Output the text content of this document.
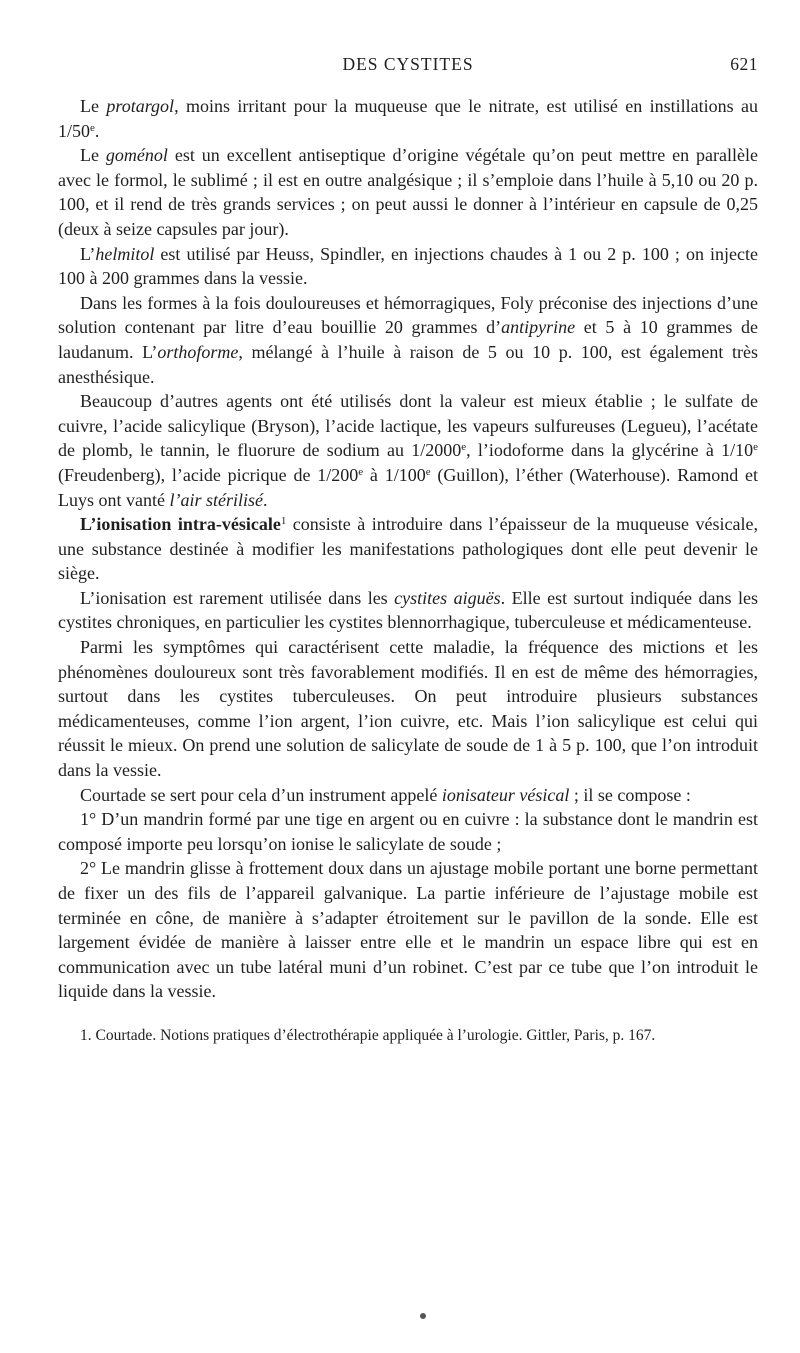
DES CYSTITES	621

Le protargol, moins irritant pour la muqueuse que le nitrate, est utilisé en instillations au 1/50e.

Le goménol est un excellent antiseptique d’origine végétale qu’on peut mettre en parallèle avec le formol, le sublimé ; il est en outre analgésique ; il s’emploie dans l’huile à 5,10 ou 20 p. 100, et il rend de très grands services ; on peut aussi le donner à l’intérieur en capsule de 0,25 (deux à seize capsules par jour).

L’helmitol est utilisé par Heuss, Spindler, en injections chaudes à 1 ou 2 p. 100 ; on injecte 100 à 200 grammes dans la vessie.

Dans les formes à la fois douloureuses et hémorragiques, Foly préconise des injections d’une solution contenant par litre d’eau bouillie 20 grammes d’antipyrine et 5 à 10 grammes de laudanum. L’orthoforme, mélangé à l’huile à raison de 5 ou 10 p. 100, est également très anesthésique.

Beaucoup d’autres agents ont été utilisés dont la valeur est mieux établie ; le sulfate de cuivre, l’acide salicylique (Bryson), l’acide lactique, les vapeurs sulfureuses (Legueu), l’acétate de plomb, le tannin, le fluorure de sodium au 1/2000e, l’iodoforme dans la glycérine à 1/10e (Freudenberg), l’acide picrique de 1/200e à 1/100e (Guillon), l’éther (Waterhouse). Ramond et Luys ont vanté l’air stérilisé.

L’ionisation intra-vésicale$^1$ consiste à introduire dans l’épaisseur de la muqueuse vésicale, une substance destinée à modifier les manifestations pathologiques dont elle peut devenir le siège.

L’ionisation est rarement utilisée dans les cystites aiguës. Elle est surtout indiquée dans les cystites chroniques, en particulier les cystites blennorrhagique, tuberculeuse et médicamenteuse.

Parmi les symptômes qui caractérisent cette maladie, la fréquence des mictions et les phénomènes douloureux sont très favorablement modifiés. Il en est de même des hémorragies, surtout dans les cystites tuberculeuses. On peut introduire plusieurs substances médicamenteuses, comme l’ion argent, l’ion cuivre, etc. Mais l’ion salicylique est celui qui réussit le mieux. On prend une solution de salicylate de soude de 1 à 5 p. 100, que l’on introduit dans la vessie.

Courtade se sert pour cela d’un instrument appelé ionisateur vésical ; il se compose :

1° D’un mandrin formé par une tige en argent ou en cuivre : la substance dont le mandrin est composé importe peu lorsqu’on ionise le salicylate de soude ;

2° Le mandrin glisse à frottement doux dans un ajustage mobile portant une borne permettant de fixer un des fils de l’appareil galvanique. La partie inférieure de l’ajustage mobile est terminée en cône, de manière à s’adapter étroitement sur le pavillon de la sonde. Elle est largement évidée de manière à laisser entre elle et le mandrin un espace libre qui est en communication avec un tube latéral muni d’un robinet. C’est par ce tube que l’on introduit le liquide dans la vessie.

1. Courtade. Notions pratiques d’électrothérapie appliquée à l’urologie. Gittler, Paris, p. 167.
